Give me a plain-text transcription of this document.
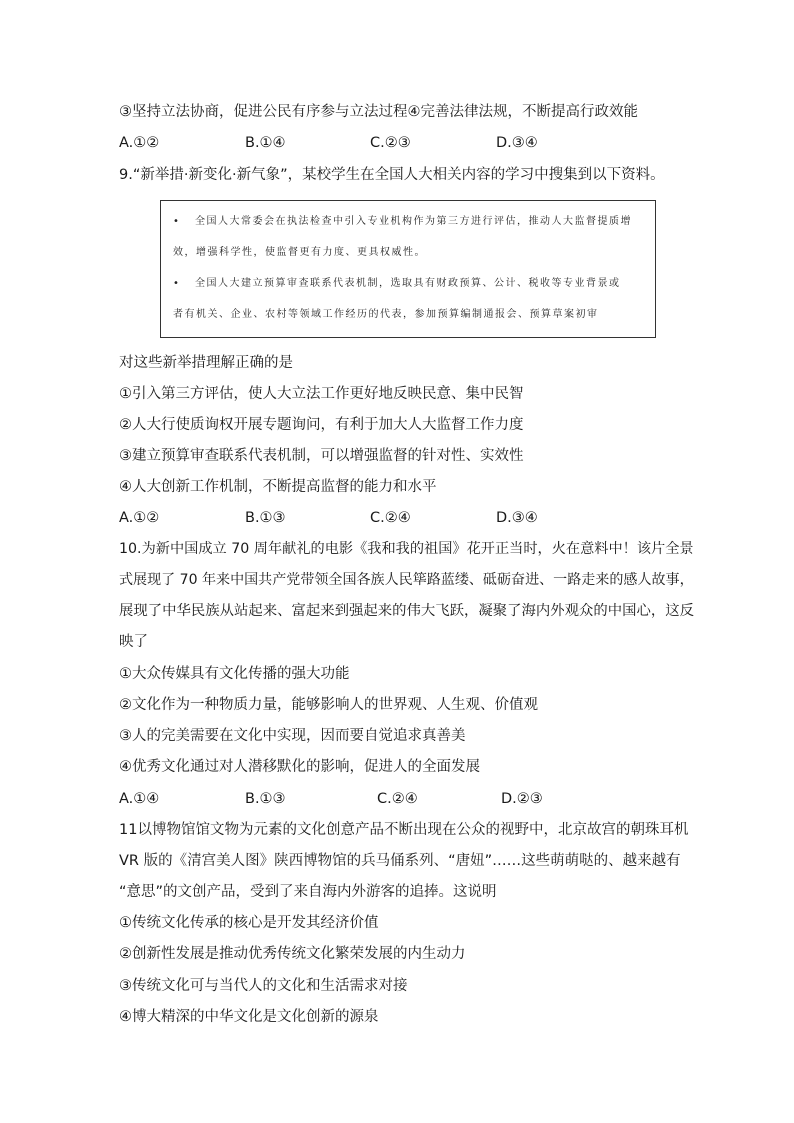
③坚持立法协商，促进公民有序参与立法过程④完善法律法规，不断提高行政效能
A.①②	B.①④	C.②③	D.③④
9.“新举措·新变化·新气象”，某校学生在全国人大相关内容的学习中搜集到以下资料。
• 全国人大常委会在执法检查中引入专业机构作为第三方进行评估，推动人大监督提质增
效，增强科学性，使监督更有力度、更具权威性。
• 全国人大建立预算审查联系代表机制，选取具有财政预算、公计、税收等专业背景或
者有机关、企业、农村等领域工作经历的代表，参加预算编制通报会、预算草案初审
对这些新举措理解正确的是
①引入第三方评估，使人大立法工作更好地反映民意、集中民智
②人大行使质询权开展专题询问，有利于加大人大监督工作力度
③建立预算审查联系代表机制，可以增强监督的针对性、实效性
④人大创新工作机制，不断提高监督的能力和水平
A.①②	B.①③	C.②④	D.③④
10.为新中国成立 70 周年献礼的电影《我和我的祖国》花开正当时，火在意料中！该片全景
式展现了 70 年来中国共产党带领全国各族人民筚路蓝缕、砥砺奋进、一路走来的感人故事，
展现了中华民族从站起来、富起来到强起来的伟大飞跃，凝聚了海内外观众的中国心，这反
映了
①大众传媒具有文化传播的强大功能
②文化作为一种物质力量，能够影响人的世界观、人生观、价值观
③人的完美需要在文化中实现，因而要自觉追求真善美
④优秀文化通过对人潜移默化的影响，促进人的全面发展
A.①④	B.①③	C.②④	D.②③
11以博物馆馆文物为元素的文化创意产品不断出现在公众的视野中，北京故宫的朝珠耳机
VR 版的《清宫美人图》陕西博物馆的兵马俑系列、“唐妞”……这些萌萌哒的、越来越有
“意思”的文创产品，受到了来自海内外游客的追捧。这说明
①传统文化传承的核心是开发其经济价值
②创新性发展是推动优秀传统文化繁荣发展的内生动力
③传统文化可与当代人的文化和生活需求对接
④博大精深的中华文化是文化创新的源泉
